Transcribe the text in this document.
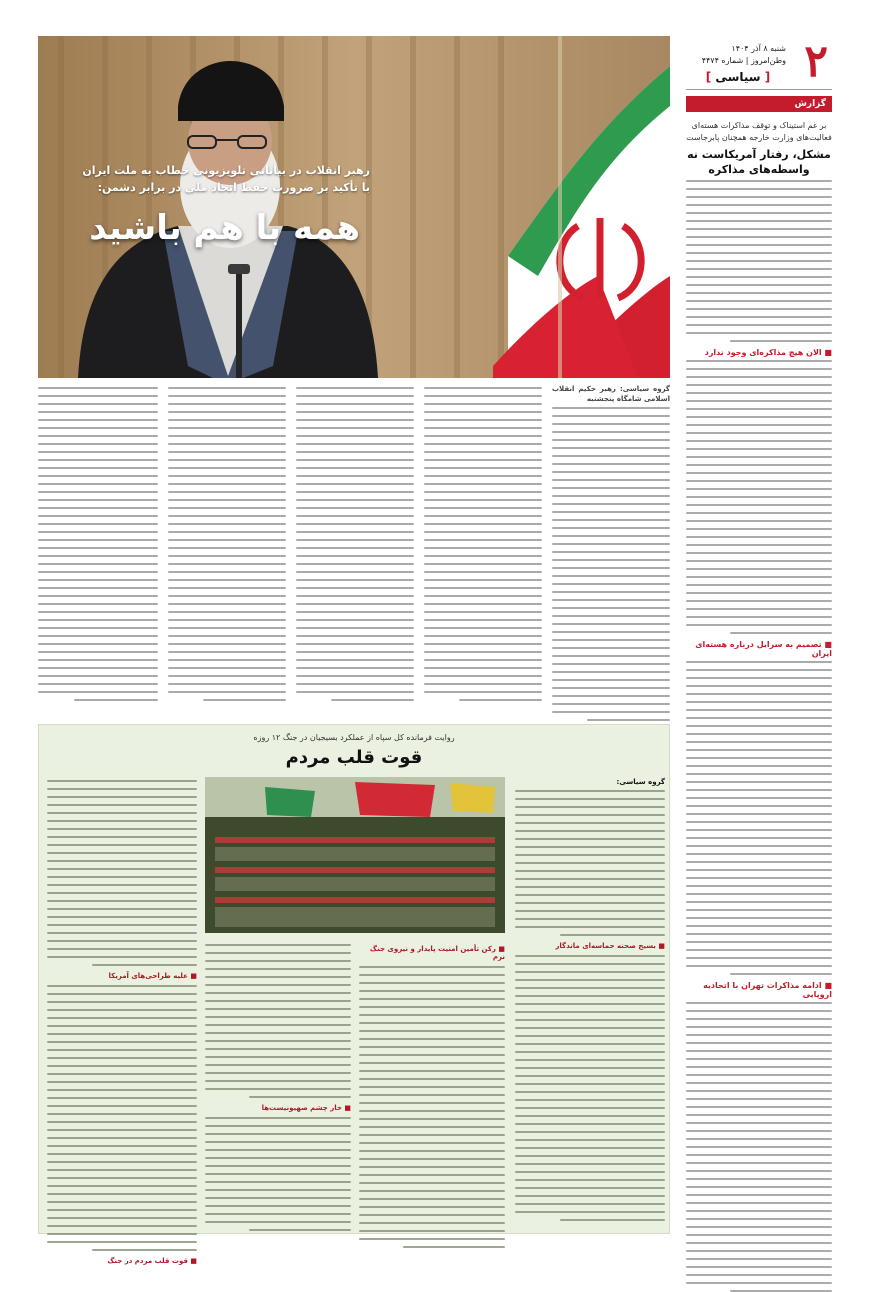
۲
شنبه ۸ آذر ۱۴۰۴
وطن‌امروز | شماره ۴۴۷۴
[ سیاسی ]
گزارش
بر غم استیناک و توقف مذاکرات هسته‌ای فعالیت‌های وزارت خارجه همچنان پابرجاست
مشکل، رفتار آمریکاست نه واسطه‌های مذاکره
■ الان هیچ مذاکره‌ای وجود ندارد
■ تصمیم به سرایل درباره هسته‌ای ایران
■ ادامه مذاکرات تهران با اتحادیه اروپایی
رهبر انقلاب در بیاناتی تلویزیونی خطاب به ملت ایران
با تأکید بر ضرورت حفظ اتحاد ملی در برابر دشمن:
همه با هم باشید

گروه سیاسی: رهبر حکیم انقلاب اسلامی شامگاه پنجشنبه

روایت فرمانده کل سپاه از عملکرد بسیجیان در جنگ ۱۲ روزه
قوت قلب مردم

گروه سیاسی:

■ بسیج صحنه حماسه‌ای ماندگار
■ رکن تأمین امنیت پایدار و نیروی جنگ نرم
■ خار چشم صهیونیست‌ها
■ علیه طراحی‌های آمریکا
■ قوت قلب مردم در جنگ
